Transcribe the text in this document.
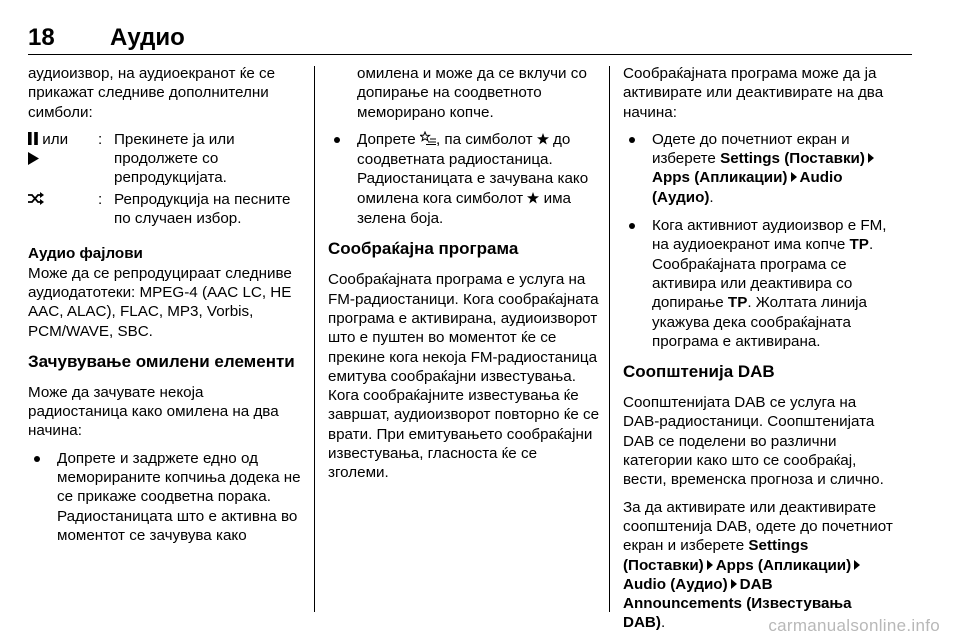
18 Аудио

аудиоизвор, на аудиоекранот ќе се прикажат следниве дополнителни симболи:

или	: Прекинете ја или продолжете со репродукцијата.
: Репродукција на песните по случаен избор.

Аудио фајлови

Може да се репродуцираат следниве аудиодатотеки: MPEG-4 (AAC LC, HE AAC, ALAC), FLAC, MP3, Vorbis, PCM/WAVE, SBC.

Зачувување омилени елементи

Може да зачувате некоја радиостаница како омилена на два начина:

Допрете и задржете едно од меморираните копчиња додека не се прикаже соодветна порака. Радиостаницата што е активна во моментот се зачувува како

омилена и може да се вклучи со допирање на соодветното меморирано копче.

Допрете , па симболот  до соодветната радиостаница. Радиостаницата е зачувана како омилена кога симболот  има зелена боја.
Сообраќајна програма

Сообраќајната програма е услуга на FM-радиостаници. Кога сообраќајната програма е активирана, аудиоизворот што е пуштен во моментот ќе се прекине кога некоја FM-радиостаница емитува сообраќајни известувања. Кога сообраќајните известувања ќе завршат, аудиоизворот повторно ќе се врати. При емитувањето сообраќајни известувања, гласноста ќе се зголеми.

Сообраќајната програма може да ја активирате или деактивирате на два начина:

Одете до почетниот екран и изберете Settings (Поставки)Apps (Апликации) Audio (Аудио).
Кога активниот аудиоизвор е FM, на аудиоекранот има копче TP. Сообраќајната програма се активира или деактивира со допирање TP. Жолтата линија укажува дека сообраќајната програма е активирана.
Соопштенија DAB

Соопштенијата DAB се услуга на DAB-радиостаници. Соопштенијата DAB се поделени во различни категории како што се сообраќај, вести, временска прогноза и слично.

За да активирате или деактивирате соопштенија DAB, одете до почетниот екран и изберете Settings (Поставки) Apps (Апликации)Audio (Аудио) DAB Announcements (Известувања DAB).	carmanualsonline.info
